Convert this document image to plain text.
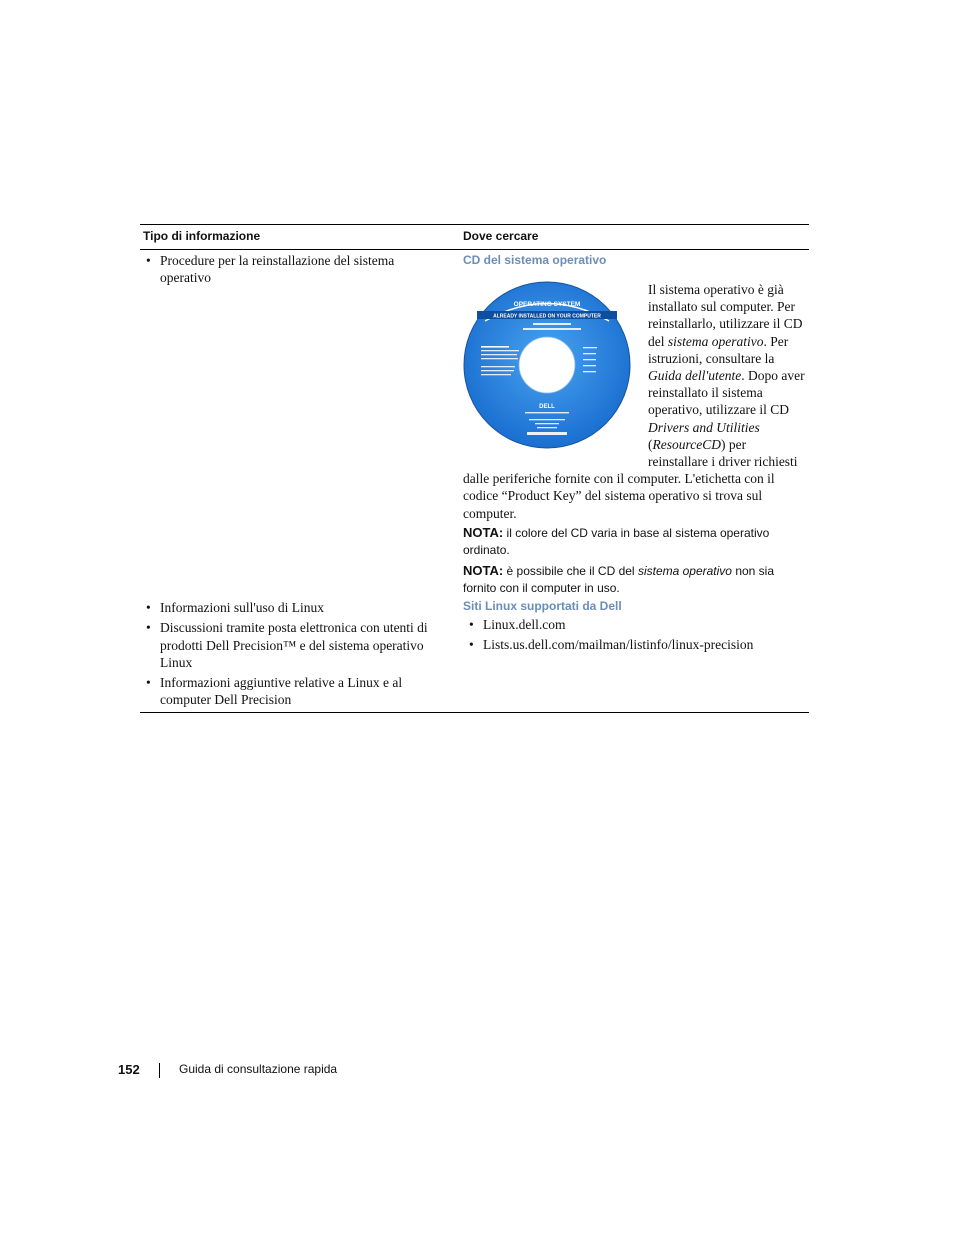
Tipo di informazione	Dove cercare
• Procedure per la reinstallazione del sistema operativo
CD del sistema operativo
OPERATING SYSTEM
ALREADY INSTALLED ON YOUR COMPUTER
DELL

Il sistema operativo è già installato sul computer. Per reinstallarlo, utilizzare il CD del sistema operativo. Per istruzioni, consultare la Guida dell'utente. Dopo aver reinstallato il sistema operativo, utilizzare il CD Drivers and Utilities (ResourceCD) per reinstallare i driver richiesti dalle periferiche fornite con il computer. L'etichetta con il codice “Product Key” del sistema operativo si trova sul computer.

NOTA: il colore del CD varia in base al sistema operativo ordinato.
NOTA: è possibile che il CD del sistema operativo non sia fornito con il computer in uso.
• Informazioni sull'uso di Linux
• Discussioni tramite posta elettronica con utenti di prodotti Dell Precision™ e del sistema operativo Linux
• Informazioni aggiuntive relative a Linux e al computer Dell Precision
Siti Linux supportati da Dell
• Linux.dell.com
• Lists.us.dell.com/mailman/listinfo/linux-precision
152	Guida di consultazione rapida
